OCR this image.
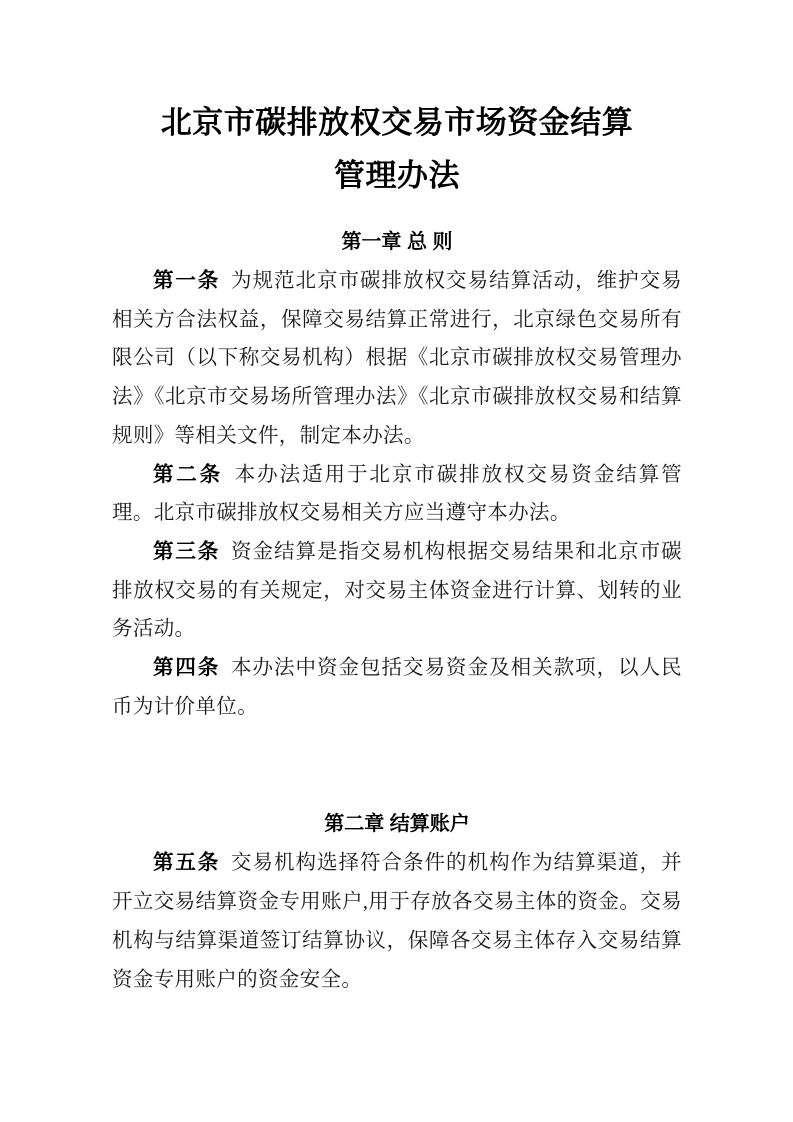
北京市碳排放权交易市场资金结算
管理办法
第一章 总 则

第一条 为规范北京市碳排放权交易结算活动，维护交易相关方合法权益，保障交易结算正常进行，北京绿色交易所有限公司（以下称交易机构）根据《北京市碳排放权交易管理办法》《北京市交易场所管理办法》《北京市碳排放权交易和结算规则》等相关文件，制定本办法。

第二条 本办法适用于北京市碳排放权交易资金结算管理。北京市碳排放权交易相关方应当遵守本办法。

第三条 资金结算是指交易机构根据交易结果和北京市碳排放权交易的有关规定，对交易主体资金进行计算、划转的业务活动。

第四条 本办法中资金包括交易资金及相关款项，以人民币为计价单位。

第二章 结算账户

第五条 交易机构选择符合条件的机构作为结算渠道，并开立交易结算资金专用账户,用于存放各交易主体的资金。交易机构与结算渠道签订结算协议，保障各交易主体存入交易结算资金专用账户的资金安全。
